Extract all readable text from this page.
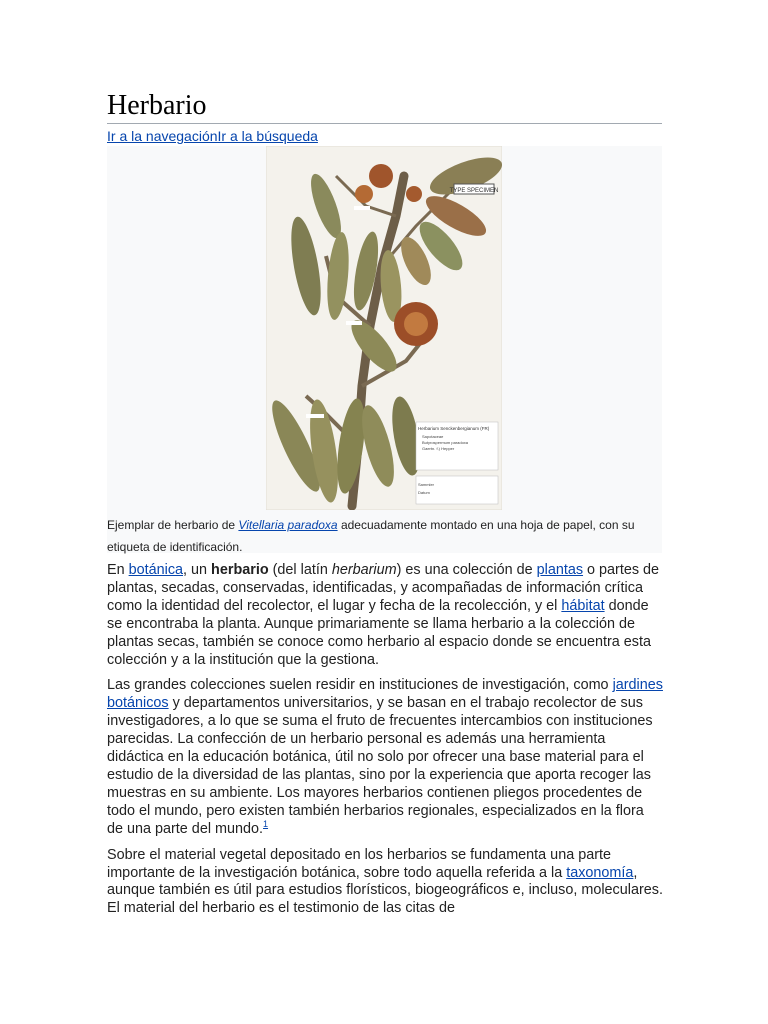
Herbario
Ir a la navegaciónIr a la búsqueda
TYPE SPECIMEN
Herbarium Senckenbergianum (FR)
Sapotaceae
Butyrospermum paradoxa
Gaertn. f.) Hepper
Sammler
Datum
Ejemplar de herbario de Vitellaria paradoxa adecuadamente montado en una hoja de papel, con su etiqueta de identificación.

En botánica, un herbario (del latín herbarium) es una colección de plantas o partes de plantas, secadas, conservadas, identificadas, y acompañadas de información crítica como la identidad del recolector, el lugar y fecha de la recolección, y el hábitat donde se encontraba la planta. Aunque primariamente se llama herbario a la colección de plantas secas, también se conoce como herbario al espacio donde se encuentra esta colección y a la institución que la gestiona.

Las grandes colecciones suelen residir en instituciones de investigación, como jardines botánicos y departamentos universitarios, y se basan en el trabajo recolector de sus investigadores, a lo que se suma el fruto de frecuentes intercambios con instituciones parecidas. La confección de un herbario personal es además una herramienta didáctica en la educación botánica, útil no solo por ofrecer una base material para el estudio de la diversidad de las plantas, sino por la experiencia que aporta recoger las muestras en su ambiente. Los mayores herbarios contienen pliegos procedentes de todo el mundo, pero existen también herbarios regionales, especializados en la flora de una parte del mundo.$^1$

Sobre el material vegetal depositado en los herbarios se fundamenta una parte importante de la investigación botánica, sobre todo aquella referida a la taxonomía, aunque también es útil para estudios florísticos, biogeográficos e, incluso, moleculares. El material del herbario es el testimonio de las citas de
